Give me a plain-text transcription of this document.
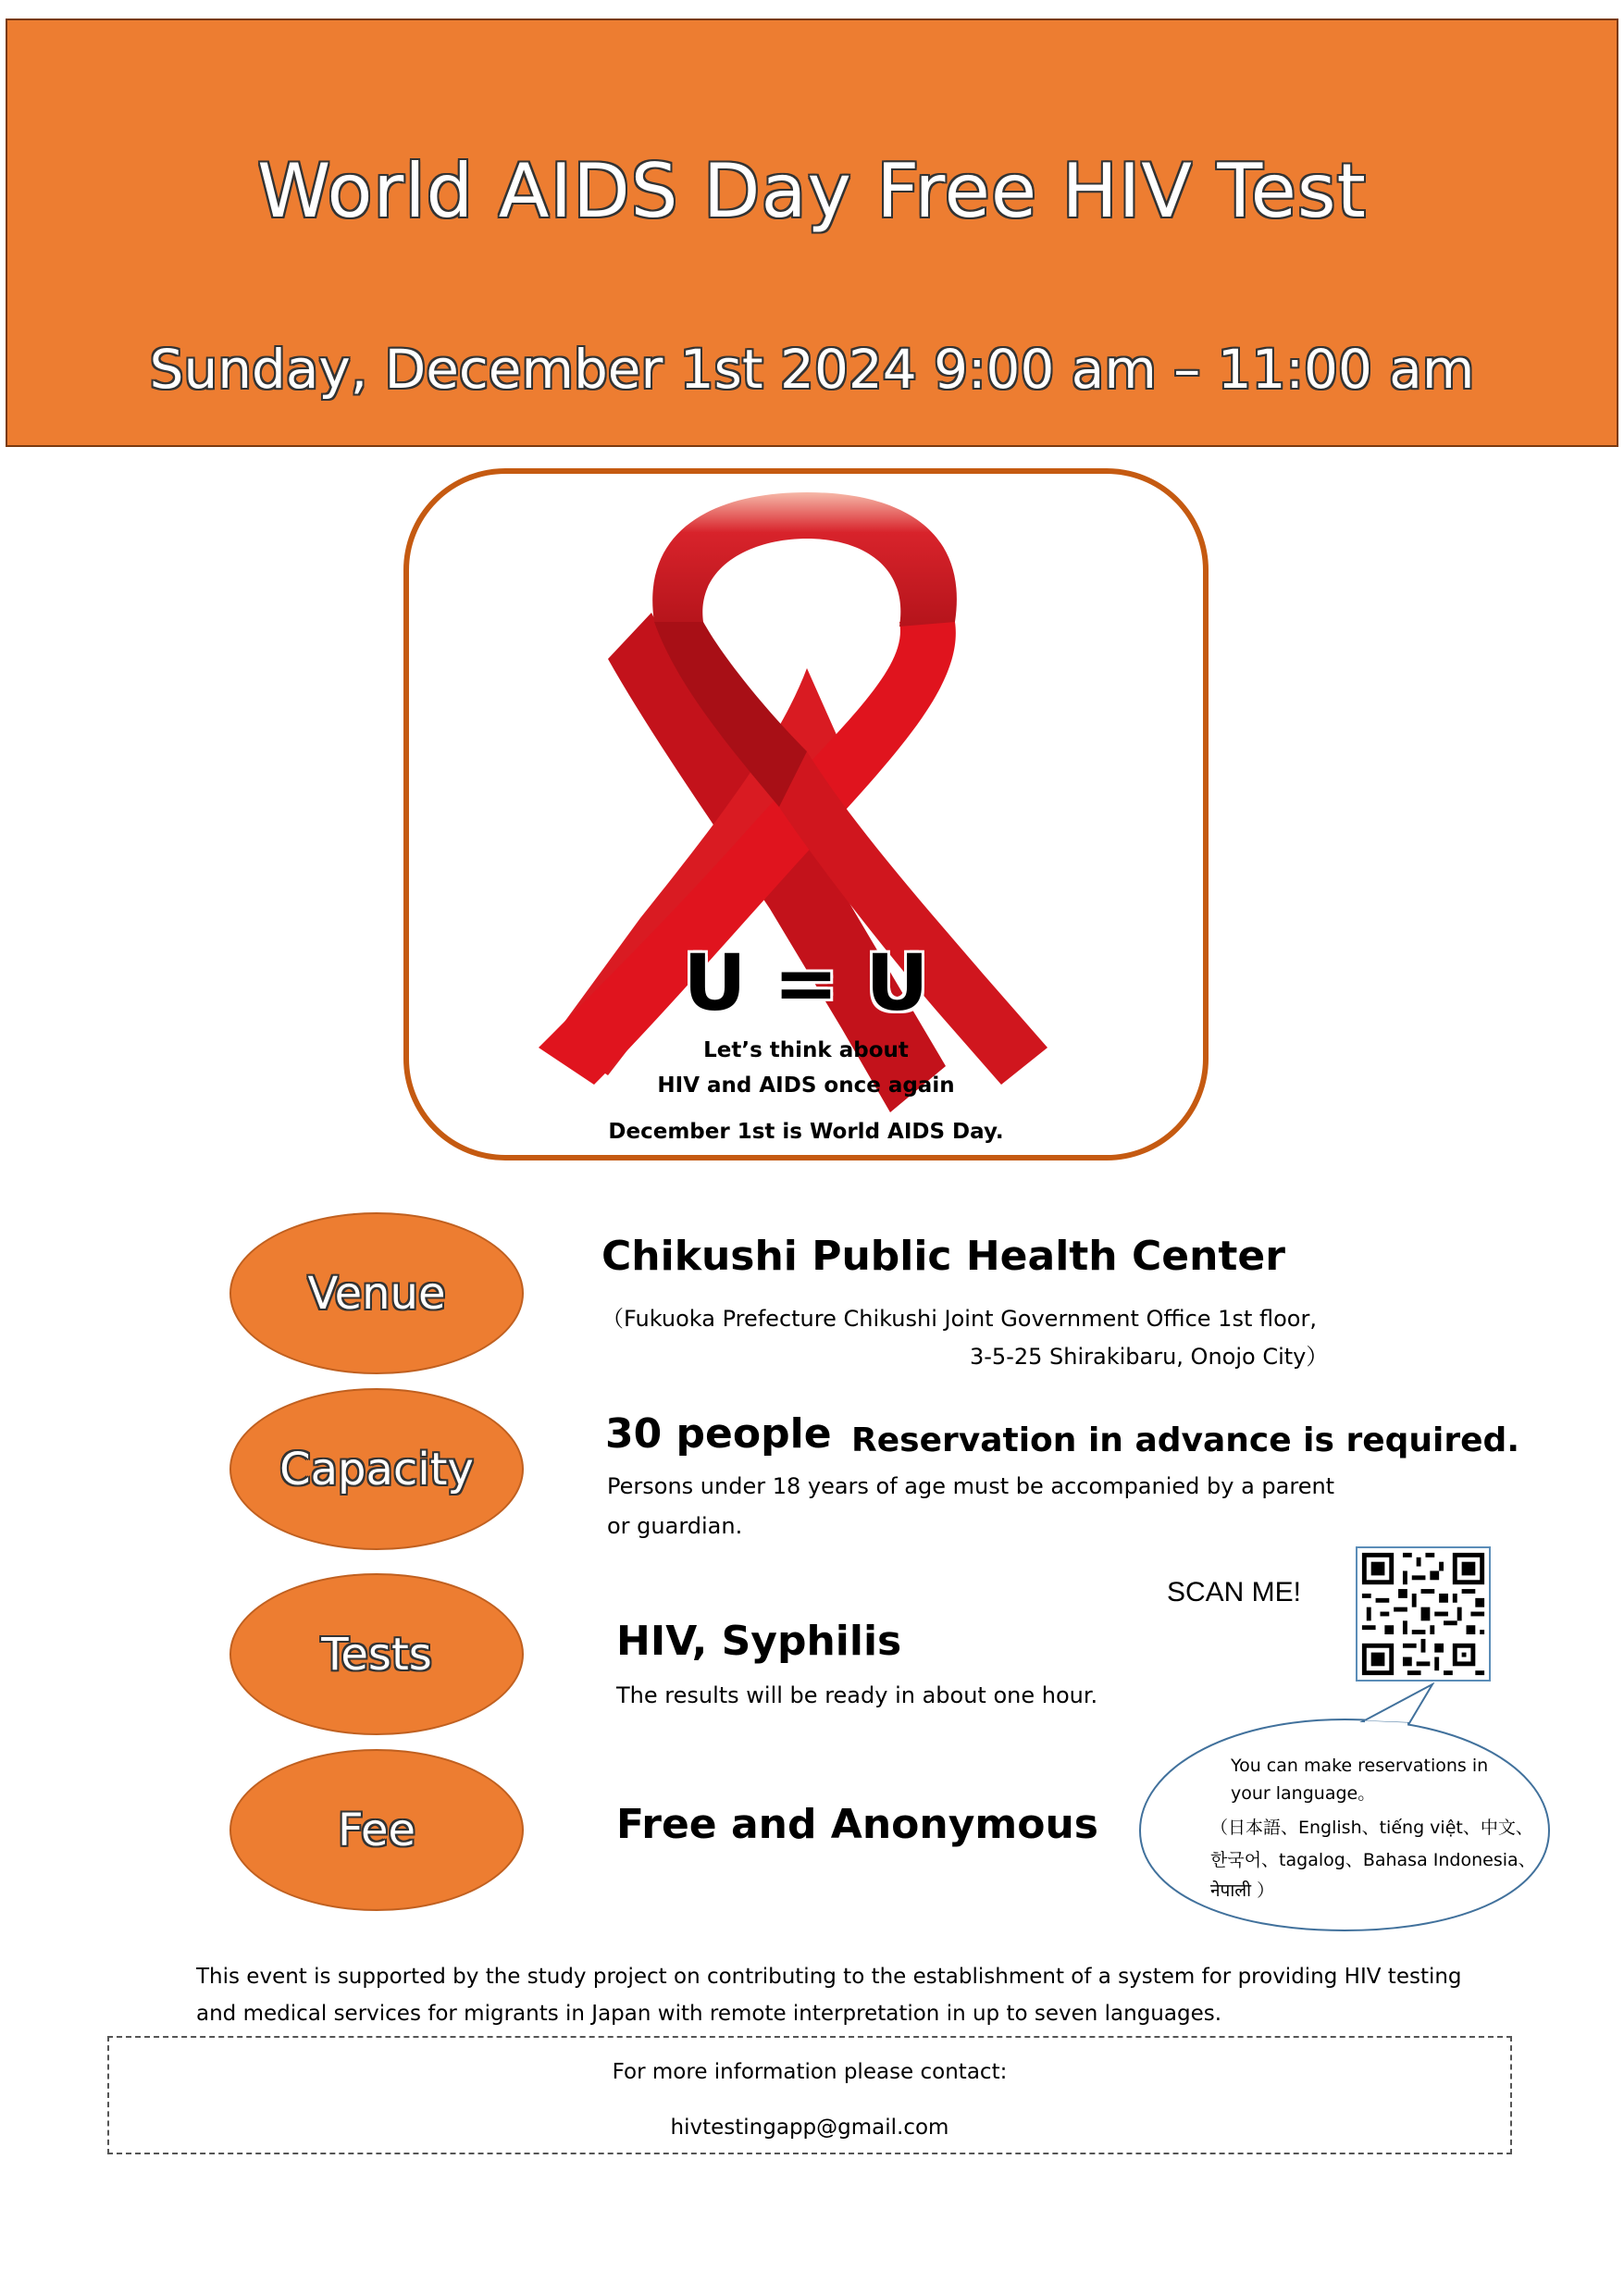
World AIDS Day Free HIV Test
Sunday, December 1st 2024 9:00 am – 11:00 am
U = U
Let’s think about
HIV and AIDS once again
December 1st is World AIDS Day.
Venue
Chikushi Public Health Center
（Fukuoka Prefecture Chikushi Joint Government Office 1st floor,
3-5-25 Shirakibaru, Onojo City）
Capacity
30 people Reservation in advance is required.
Persons under 18 years of age must be accompanied by a parent
or guardian.
Tests	HIV, Syphilis
The results will be ready in about one hour.
Fee	Free and Anonymous
SCAN ME!
You can make reservations in
your language。
（日本語、English、tiếng việt、中文、
한국어、tagalog、Bahasa Indonesia、
नेपाली ）
This event is supported by the study project on contributing to the establishment of a system for providing HIV testing and medical services for migrants in Japan with remote interpretation in up to seven languages.
For more information please contact:
hivtestingapp@gmail.com
